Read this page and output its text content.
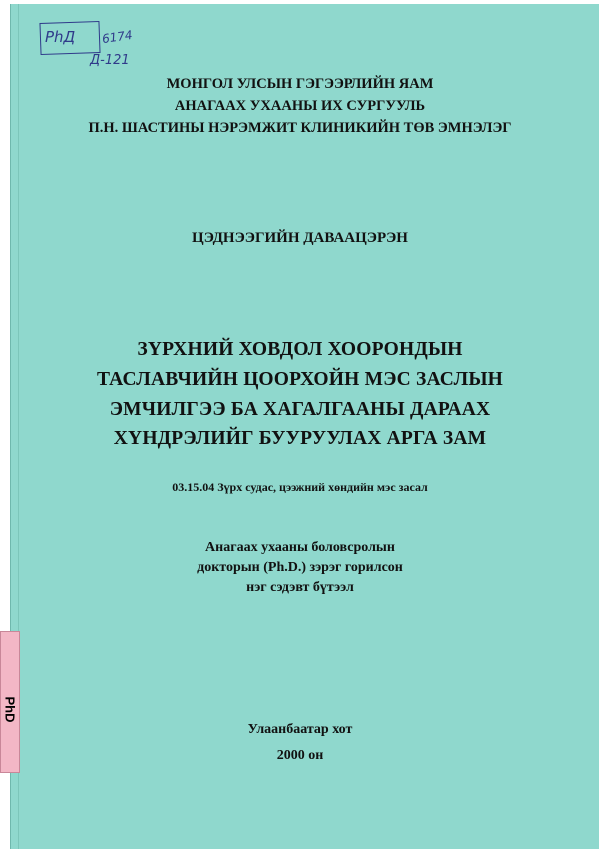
PhД 6174
Д-121
МОНГОЛ УЛСЫН ГЭГЭЭРЛИЙН ЯАМ
АНАГААХ УХААНЫ ИХ СУРГУУЛЬ
П.Н. ШАСТИНЫ НЭРЭМЖИТ КЛИНИКИЙН ТӨВ ЭМНЭЛЭГ
ЦЭДНЭЭГИЙН ДАВААЦЭРЭН
ЗҮРХНИЙ ХОВДОЛ ХООРОНДЫН
ТАСЛАВЧИЙН ЦООРХОЙН МЭС ЗАСЛЫН
ЭМЧИЛГЭЭ БА ХАГАЛГААНЫ ДАРААХ
ХҮНДРЭЛИЙГ БУУРУУЛАХ АРГА ЗАМ
03.15.04 Зүрх судас, цээжний хөндийн мэс засал
Анагаах ухааны боловсролын
докторын (Ph.D.) зэрэг горилсон
нэг сэдэвт бүтээл
Улаанбаатар хот
2000 он
PhD
